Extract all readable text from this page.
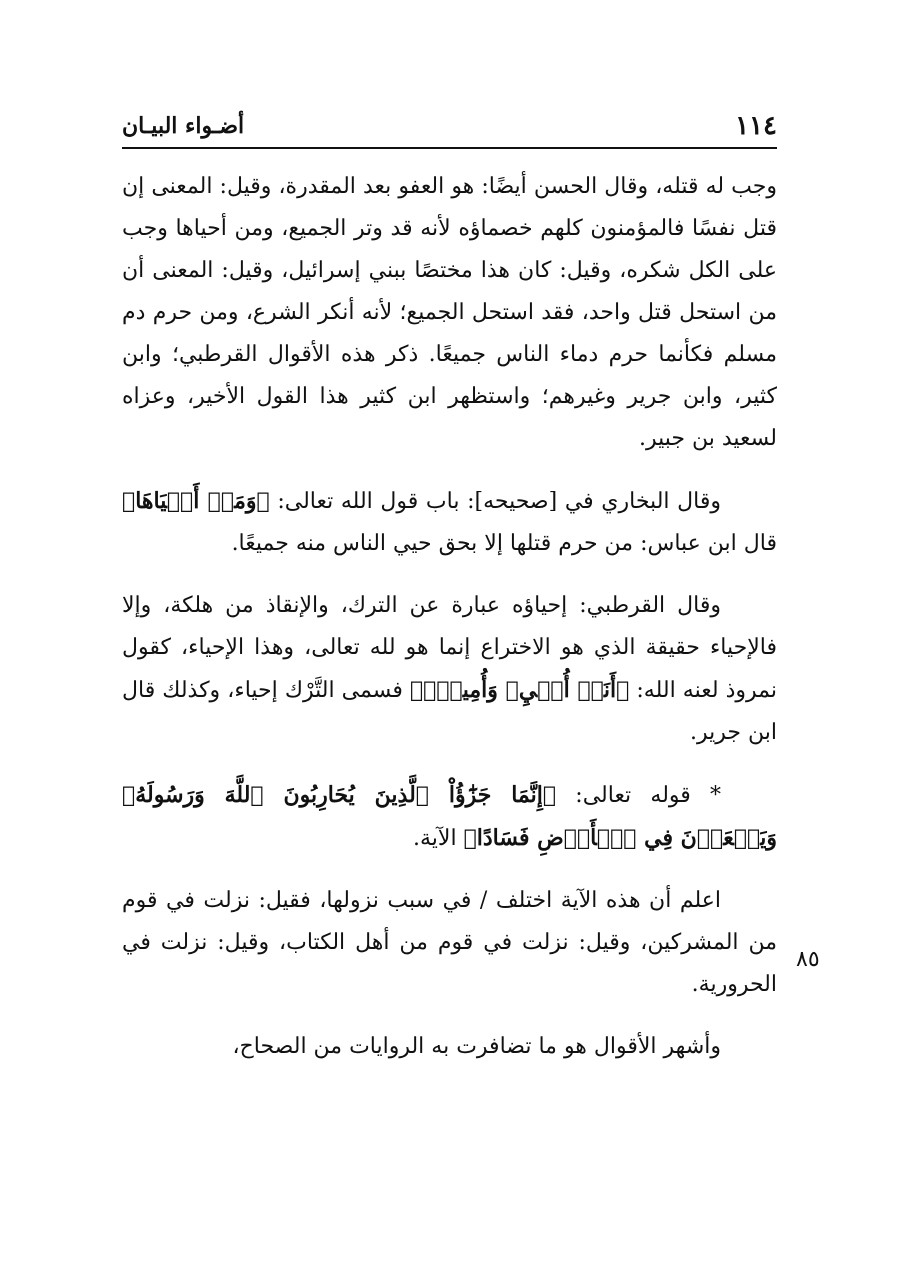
١١٤
أضـواء البيـان

وجب له قتله، وقال الحسن أيضًا: هو العفو بعد المقدرة، وقيل: المعنى إن قتل نفسًا فالمؤمنون كلهم خصماؤه لأنه قد وتر الجميع، ومن أحياها وجب على الكل شكره، وقيل: كان هذا مختصًا ببني إسرائيل، وقيل: المعنى أن من استحل قتل واحد، فقد استحل الجميع؛ لأنه أنكر الشرع، ومن حرم دم مسلم فكأنما حرم دماء الناس جميعًا. ذكر هذه الأقوال القرطبي؛ وابن كثير، وابن جرير وغيرهم؛ واستظهر ابن كثير هذا القول الأخير، وعزاه لسعيد بن جبير.

وقال البخاري في [صحيحه]: باب قول الله تعالى: ﴿وَمَنۡ أَحۡيَاهَا﴾ قال ابن عباس: من حرم قتلها إلا بحق حيي الناس منه جميعًا.

وقال القرطبي: إحياؤه عبارة عن الترك، والإنقاذ من هلكة، وإلا فالإحياء حقيقة الذي هو الاختراع إنما هو لله تعالى، وهذا الإحياء، كقول نمروذ لعنه الله: ﴿أَنَا۠ أُحۡيِۦ وَأُمِيتُۖ﴾ فسمى التَّرْك إحياء، وكذلك قال ابن جرير.

* قوله تعالى: ﴿إِنَّمَا جَزَٰٓؤُاْ ٱلَّذِينَ يُحَارِبُونَ ٱللَّهَ وَرَسُولَهُۥ وَيَسۡعَوۡنَ فِي ٱلۡأَرۡضِ فَسَادًا﴾ الآية.

اعلم أن هذه الآية اختلف / في سبب نزولها، فقيل: نزلت في قوم من المشركين، وقيل: نزلت في قوم من أهل الكتاب، وقيل: نزلت في الحرورية.

وأشهر الأقوال هو ما تضافرت به الروايات من الصحاح،

٨٥
